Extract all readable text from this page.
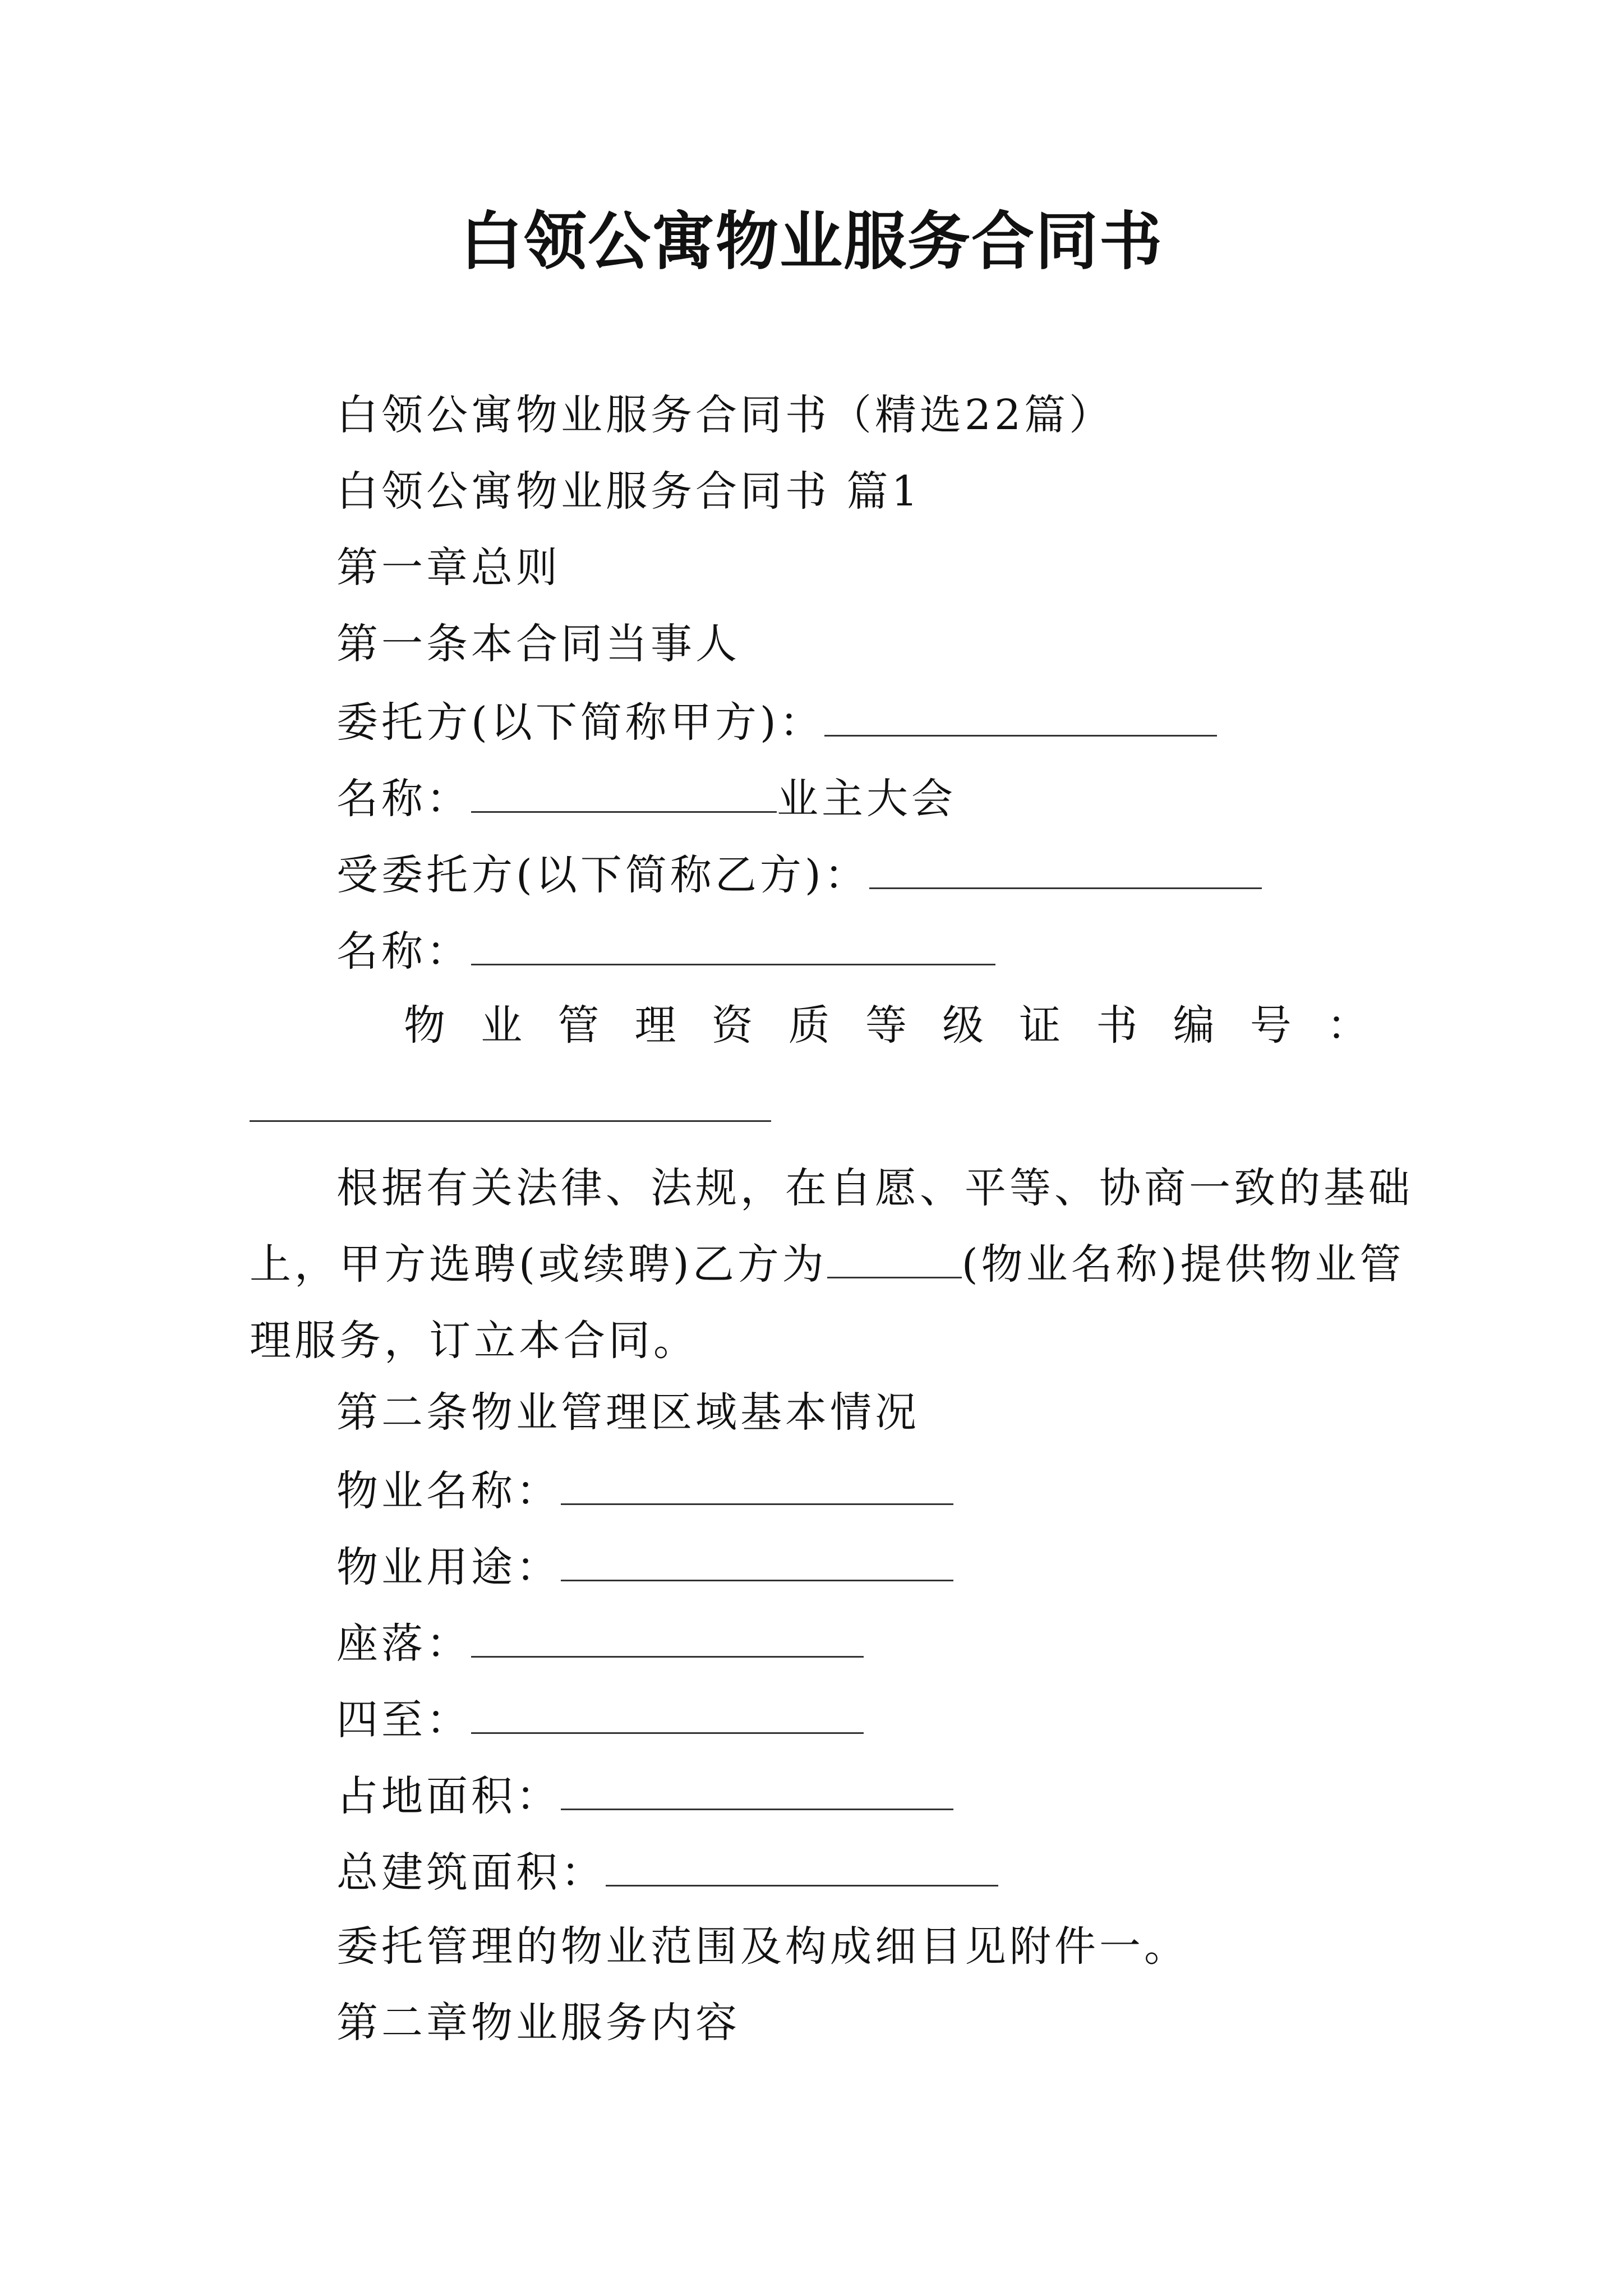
白领公寓物业服务合同书
白领公寓物业服务合同书（精选22篇）
白领公寓物业服务合同书 篇1
第一章总则
第一条本合同当事人
委托方(以下简称甲方)：
名称：	业主大会
受委托方(以下简称乙方)：
名称：
物 业 管 理 资 质 等 级 证 书 编 号 ：
根据有关法律、法规，在自愿、平等、协商一致的基础
上，甲方选聘(或续聘)乙方为	(物业名称)提供物业管
理服务，订立本合同。
第二条物业管理区域基本情况
物业名称：
物业用途：
座落：
四至：
占地面积：
总建筑面积：
委托管理的物业范围及构成细目见附件一。
第二章物业服务内容
